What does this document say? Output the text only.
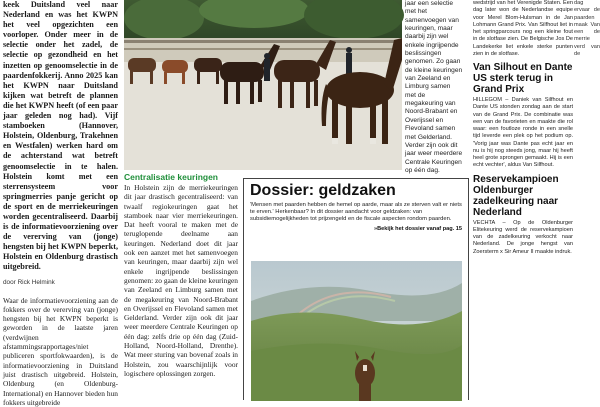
keek Duitsland veel naar Nederland en was het KWPN het veel opgezichten een voorloper. Onder meer in de selectie onder het zadel, de selectie op gezondheid en het inzetten op genoomselectie in de paardenfokkerij. Anno 2025 kan het KWPN naar Duitsland kijken wat betreft de plannen die het KWPN heeft (of een paar jaar geleden nog had). Vijf stamboeken (Hannover, Holstein, Oldenburg, Trakehnen en Westfalen) werken hard om de achterstand wat betreft genoomselectie in te halen. Holstein komt met een sterrensysteem voor springmerries panje gericht op de sport en de merriekeuringen worden gecentraliseerd. Daarbij is de informatievoorziening over de vererving van (jonge) hengsten bij het KWPN beperkt, Holstein en Oldenburg drastisch uitgebreid.

door Rick Helmink

Waar de informatievoorziening aan de fokkers over de vererving van (jonge) hengsten bij het KWPN beperkt is geworden in de laatste jaren (verdwijnen afstammingsrapportages/niet publiceren sportfokwaarden), is de informatievoorziening in Duitsland juist drastisch uitgebreid. Holstein, Oldenburg (en Oldenburg-International) en Hannover bieden hun fokkers uitgebreide

jaar een selectie met het samenvoegen van keuringen, maar daarbij zijn wel enkele ingrijpende beslissingen genomen. Zo gaan de kleine keuringen van Zeeland en Limburg samen met de megakeuring van Noord-Brabant en Overijssel en Flevoland samen met Gelderland. Verder zijn ook dit jaar weer meerdere Centrale Keuringen op één dag.

Centralisatie keuringen

In Holstein zijn de merriekeuringen dit jaar drastisch gecentraliseerd: van twaalf regiokeuringen gaat het stamboek naar vier merriekeuringen. Dat heeft vooral te maken met de teruglopende deelname aan keuringen. Nederland doet dit jaar ook een aanzet met het samenvoegen van keuringen, maar daarbij zijn wel enkele ingrijpende beslissingen genomen: zo gaan de kleine keuringen van Zeeland en Limburg samen met de megakeuring van Noord-Brabant en Overijssel en Flevoland samen met Gelderland. Verder zijn ook dit jaar weer meerdere Centrale Keuringen op één dag: zelfs drie op één dag (Zuid-Holland, Noord-Holland, Drenthe). Wat meer sturing van bovenaf zoals in Holstein, zou waarschijnlijk voor logischere oplossingen zorgen.

Dossier: geldzaken

'Mensen met paarden hebben de hemel op aarde, maar als ze sterven valt er niets te erven.' Herkenbaar? In dit dossier aandacht voor geldzaken: van subsidiemogelijkheden tot prijzengeld en de fiscale aspecten rondom paarden.

»Bekijk het dossier vanaf pag. 15

wedstrijd van het Verenigde Staten. Een dag later won de Nederlandse equipe voor Merel Blom-Hulsman in de Jan Lohmann Grand Prix. Van Silfhout liet in het springparcours nog een kleine fout in de slotfase zien. De Belgische Jos De Landekerke liet enkele sterke punten zien in de slotfase.

Van Silhout en Dante US sterk terug in Grand Prix

HILLEGOM – Daniek van Silfhout en Dante US stonden zondag aan de start van de Grand Prix. De combinatie was een van de favorieten en maakte die rol waar: een foutloze ronde in een snelle tijd leverde een plek op het podium op. 'Vorig jaar was Dante pas echt jaar en nu is hij nog steeds jong, maar hij heeft heel grote sprongen gemaakt. Hij is een echt vechter', aldus Van Silfhout.

Reservekampioen Oldenburger zadelkeuring naar Nederland

VECHTA – Op de Oldenburger Elitekeuring werd de reservekampioen van de zadelkeuring verkocht naar Nederland. De jonge hengst van Zoersterm x Sir Ameur II maakte indruk.

dag ervaar de paarden maak Van een de merrie verd van de
